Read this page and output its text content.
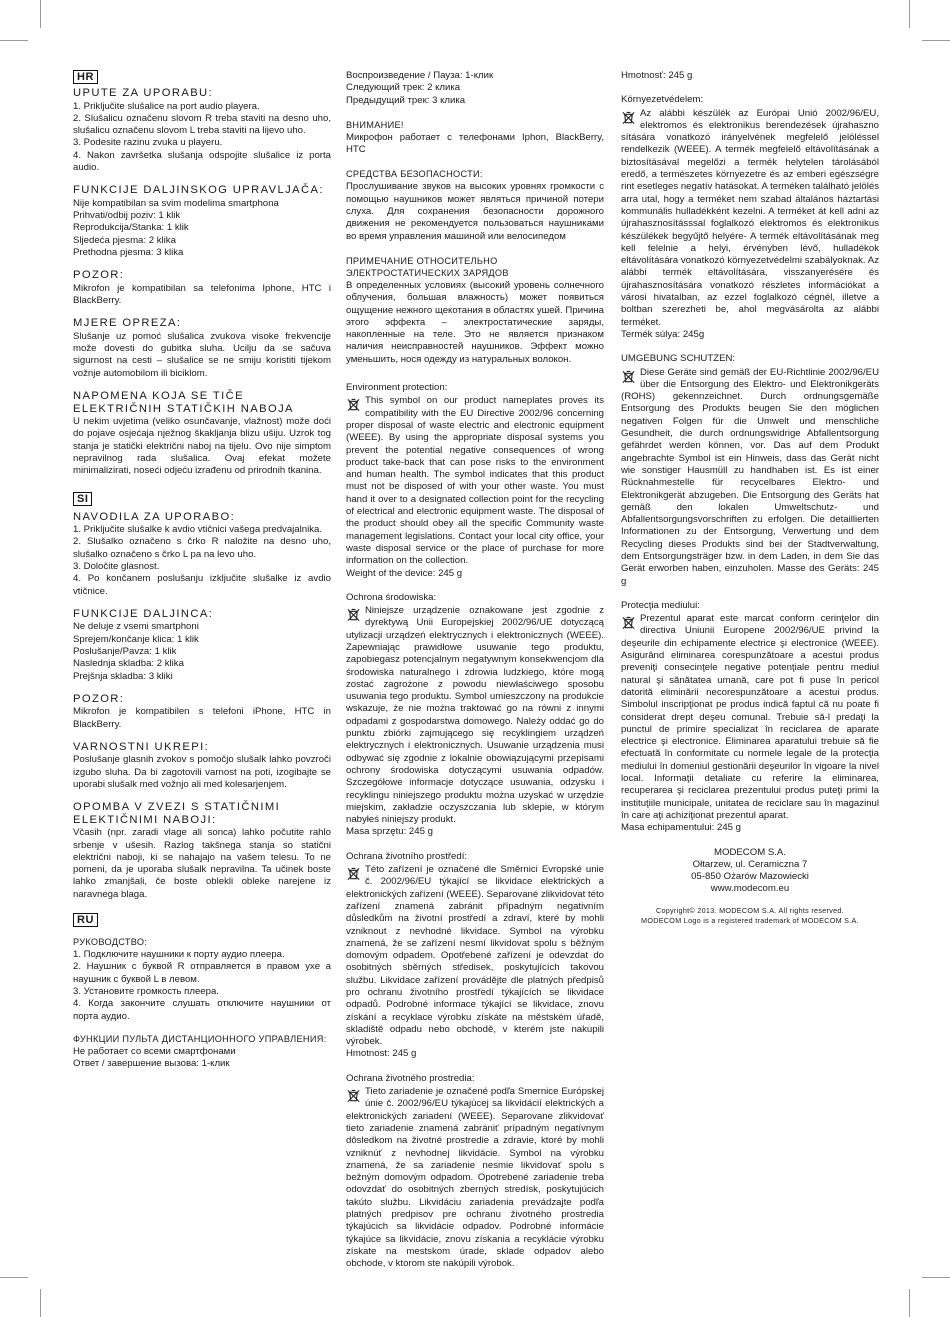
HR
UPUTE ZA UPORABU:

1. Priključite slušalice na port audio playera.

2. Slušalicu označenu slovom R treba staviti na desno uho, slušalicu označenu slovom L treba staviti na lijevo uho.

3. Podesite razinu zvuka u playeru.

4. Nakon završetka slušanja odspojite slušalice iz porta audio.

FUNKCIJE DALJINSKOG UPRAVLJAČA:

Nije kompatibilan sa svim modelima smartphona

Prihvati/odbij poziv: 1 klik

Reprodukcija/Stanka: 1 klik

Sljedeća pjesma: 2 klika

Prethodna pjesma: 3 klika

POZOR:

Mikrofon je kompatibilan sa telefonima Iphone, HTC i BlackBerry.

MJERE OPREZA:

Slušanje uz pomoć slušalica zvukova visoke frekvencije može dovesti do gubitka sluha. Ucilju da se sačuva sigurnost na cesti – slušalice se ne smiju koristiti tijekom vožnje automobilom ili biciklom.

NAPOMENA KOJA SE TIČE ELEKTRIČNIH STATIČKIH NABOJA

U nekim uvjetima (veliko osunčavanje, vlažnost) može doći do pojave osjećaja nježnog škakljanja blizu ušiju. Uzrok tog stanja je statički električni naboj na tijelu. Ovo nije simptom nepravilnog rada slušalica. Ovaj efekat možete minimalizirati, noseći odjeću izrađenu od prirodnih tkanina.

SI
NAVODILA ZA UPORABO:

1. Priključite slušalke k avdio vtičnici vašega predvajalnika.

2. Slušalko označeno s črko R naložite na desno uho, slušalko označeno s črko L pa na levo uho.

3. Določite glasnost.

4. Po končanem poslušanju izključite slušalke iz avdio vtičnice.

FUNKCIJE DALJINCA:

Ne deluje z vsemi smartphoni

Sprejem/končanje klica: 1 klik

Poslušanje/Pavza: 1 klik

Naslednja skladba: 2 klika

Prejšnja skladba: 3 kliki

POZOR:

Mikrofon je kompatibilen s telefoni iPhone, HTC in BlackBerry.

VARNOSTNI UKREPI:

Poslušanje glasnih zvokov s pomočjo slušalk lahko povzroči izgubo sluha. Da bi zagotovili varnost na poti, izogibajte se uporabi slušalk med vožnjo ali med kolesarjenjem.

OPOMBA V ZVEZI S STATIČNIMI ELEKTIČNIMI NABOJI:

Včasih (npr. zaradi vlage ali sonca) lahko počutite rahlo srbenje v ušesih. Razlog takšnega stanja so statični električni naboji, ki se nahajajo na vašem telesu. To ne pomeni, da je uporaba slušalk nepravilna. Ta učinek boste lahko zmanjšali, če boste oblekli obleke narejene iz naravnega blaga.

RU
РУКОВОДСТВО:

1. Подключите наушники к порту аудио плеера.

2. Наушник с буквой R отправляется в правом ухе а наушник с буквой L в левом.

3. Установите громкость плеера.

4. Когда закончите слушать отключите наушники от порта аудио.

ФУНКЦИИ ПУЛЬТА ДИСТАНЦИОННОГО УПРАВЛЕНИЯ:

Не работает со всеми смартфонами

Ответ / завершение вызова: 1-клик

Воспроизведение / Пауза: 1-клик

Следующий трек: 2 клика

Предыдущий трек: 3 клика

ВНИМАНИЕ!

Микрофон работает с телефонами Iphon, BlackBerry, HTC

СРЕДСТВА БЕЗОПАСНОСТИ:

Прослушивание звуков на высоких уровнях громкости с помощью наушников может являться причиной потери слуха. Для сохранения безопасности дорожного движения не рекомендуется пользоваться наушниками во время управления машиной или велосипедом

ПРИМЕЧАНИЕ ОТНОСИТЕЛЬНО ЭЛЕКТРОСТАТИЧЕСКИХ ЗАРЯДОВ

В определенных условиях (высокий уровень солнечного облучения, большая влажность) может появиться ощущение нежного щекотания в областях ушей. Причина этого эффекта – электростатические заряды, накопленные на теле. Это не является признаком наличия неисправностей наушников. Эффект можно уменьшить, нося одежду из натуральных волокон.

Environment protection:

This symbol on our product nameplates proves its compatibility with the EU Directive 2002/96 concerning proper disposal of waste electric and electronic equipment (WEEE). By using the appropriate disposal systems you prevent the potential negative consequences of wrong product take-back that can pose risks to the environment and human health. The symbol indicates that this product must not be disposed of with your other waste. You must hand it over to a designated collection point for the recycling of electrical and electronic equipment waste. The disposal of the product should obey all the specific Community waste management legislations. Contact your local city office, your waste disposal service or the place of purchase for more information on the collection.

Weight of the device: 245 g

Ochrona środowiska:

Niniejsze urządzenie oznakowane jest zgodnie z dyrektywą Unii Europejskiej 2002/96/UE dotyczącą utylizacji urządzeń elektrycznych i elektronicznych (WEEE). Zapewniając prawidłowe usuwanie tego produktu, zapobiegasz potencjalnym negatywnym konsekwencjom dla środowiska naturalnego i zdrowia ludzkiego, które mogą zostać zagrożone z powodu niewłaściwego sposobu usuwania tego produktu. Symbol umieszczony na produkcie wskazuje, że nie można traktować go na równi z innymi odpadami z gospodarstwa domowego. Należy oddać go do punktu zbiórki zajmującego się recyklingiem urządzeń elektrycznych i elektronicznych. Usuwanie urządzenia musi odbywać się zgodnie z lokalnie obowiązującymi przepisami ochrony środowiska dotyczącymi usuwania odpadów. Szczegółowe informacje dotyczące usuwania, odzysku i recyklingu niniejszego produktu można uzyskać w urzędzie miejskim, zakładzie oczyszczania lub sklepie, w którym nabyłeś niniejszy produkt.

Masa sprzętu: 245 g

Ochrana životního prostředí:

Této zařízení je označené dle Směrnici Evropské unie č. 2002/96/EU týkající se likvidace elektrických a elektronických zařízení (WEEE). Separované zlikvidovat této zařízení znamená zabránit případným negativním důsledkům na životní prostředí a zdraví, které by mohli vzniknout z nevhodné likvidace. Symbol na výrobku znamená, že se zařízení nesmí likvidovat spolu s běžným domovým odpadem. Opotřebené zařízení je odevzdat do osobitných sběrných středisek, poskytujících takovou službu. Likvidace zařízení provádějte dle platných předpisů pro ochranu životního prostředí týkajících se likvidace odpadů. Podrobné informace týkající se likvidace, znovu získání a recyklace výrobku získáte na městském úřadě, skladiště odpadu nebo obchodě, v kterém jste nakupili výrobek.

Hmotnost: 245 g

Ochrana životného prostredia:

Tieto zariadenie je označené podľa Smernice Európskej únie č. 2002/96/EU týkajúcej sa likvidácií elektrických a elektronických zariadení (WEEE). Separovane zlikvidovať tieto zariadenie znamená zabrániť prípadným negatívnym dôsledkom na životné prostredie a zdravie, ktoré by mohli vzniknúť z nevhodnej likvidácie. Symbol na výrobku znamená, že sa zariadenie nesmie likvidovať spolu s bežným domovým odpadom. Opotrebené zariadenie treba odovzdať do osobitných zberných stredísk, poskytujúcich takúto službu. Likvidáciu zariadenia prevádzajte podľa platných predpisov pre ochranu životného prostredia týkajúcich sa likvidácie odpadov. Podrobné informácie týkajúce sa likvidácie, znovu získania a recyklácie výrobku získate na mestskom úrade, sklade odpadov alebo obchode, v ktorom ste nakúpili výrobok.

Hmotnosť: 245 g

Környezetvédelem:

Az alábbi készülék az Európai Unió 2002/96/EU, elektromos és elektronikus berendezések újrahaszno sítására vonatkozó irányelvének megfelelő jelöléssel rendelkezik (WEEE). A termék megfelelő eltávolításának a biztosításával megelőzi a termék helytelen tárolásából eredő, a természetes környezetre és az emberi egészségre rint esetleges negatív hatásokat. A terméken található jelölés arra utal, hogy a terméket nem szabad általános háztartási kommunális hulladékként kezelni. A terméket át kell adni az újrahasznosításssal foglalkozó elektromos és elektronikus készülékek begyűjtő helyére- A termék eltávolításának meg kell felelnie a helyi, érvényben lévő, hulladékok eltávolítására vonatkozó környezetvédelmi szabályoknak. Az alábbi termék eltávolítására, visszanyerésére és újrahasznosítására vonatkozó részletes információkat a városi hivatalban, az ezzel foglalkozó cégnél, illetve a boltban szerezheti be, ahol megvásárolta az alábbi terméket.

Termék súlya: 245g

UMGEBUNG SCHUTZEN:

Diese Geräte sind gemäß der EU-Richtlinie 2002/96/EU über die Entsorgung des Elektro- und Elektronikgeräts (ROHS) gekennzeichnet. Durch ordnungsgemäße Entsorgung des Produkts beugen Sie den möglichen negativen Folgen für die Umwelt und menschliche Gesundheit, die durch ordnungswidrige Abfallentsorgung gefährdet werden können, vor. Das auf dem Produkt angebrachte Symbol ist ein Hinweis, dass das Gerät nicht wie sonstiger Hausmüll zu handhaben ist. Es ist einer Rücknahmestelle für recycelbares Elektro- und Elektronikgerät abzugeben. Die Entsorgung des Geräts hat gemäß den lokalen Umweltschutz- und Abfallentsorgungsvorschriften zu erfolgen. Die detaillierten Informationen zu der Entsorgung, Verwertung und dem Recycling dieses Produkts sind bei der Stadtverwaltung, dem Entsorgungsträger bzw. in dem Laden, in dem Sie das Gerät erworben haben, einzuholen. Masse des Geräts: 245 g

Protecţia mediului:

Prezentul aparat este marcat conform cerinţelor din directiva Uniunii Europene 2002/96/UE privind la deşeurile din echipamente electrice şi electronice (WEEE). Asigurând eliminarea corespunzătoare a acestui produs preveniţi consecinţele negative potenţiale pentru mediul natural şi sănătatea umană, care pot fi puse în pericol datorită eliminării necorespunzătoare a acestui produs. Simbolul inscripţionat pe produs indică faptul că nu poate fi considerat drept deşeu comunal. Trebuie să-l predaţi la punctul de primire specializat în reciclarea de aparate electrice şi electronice. Eliminarea aparatului trebuie să fie efectuată în conformitate cu normele legale de la protecţia mediului în domeniul gestionării deşeurilor în vigoare la nivel local. Informaţii detaliate cu referire la eliminarea, recuperarea şi reciclarea prezentului produs puteţi primi la instituţiile municipale, unitatea de reciclare sau în magazinul în care aţi achiziţionat prezentul aparat.

Masa echipamentului: 245 g

MODECOM S.A.

Ołtarzew, ul. Ceramiczna 7

05-850 Ożarów Mazowiecki

www.modecom.eu

Copyright© 2013. MODECOM S.A. All rights reserved.

MODECOM Logo is a registered trademark of MODECOM S.A.
